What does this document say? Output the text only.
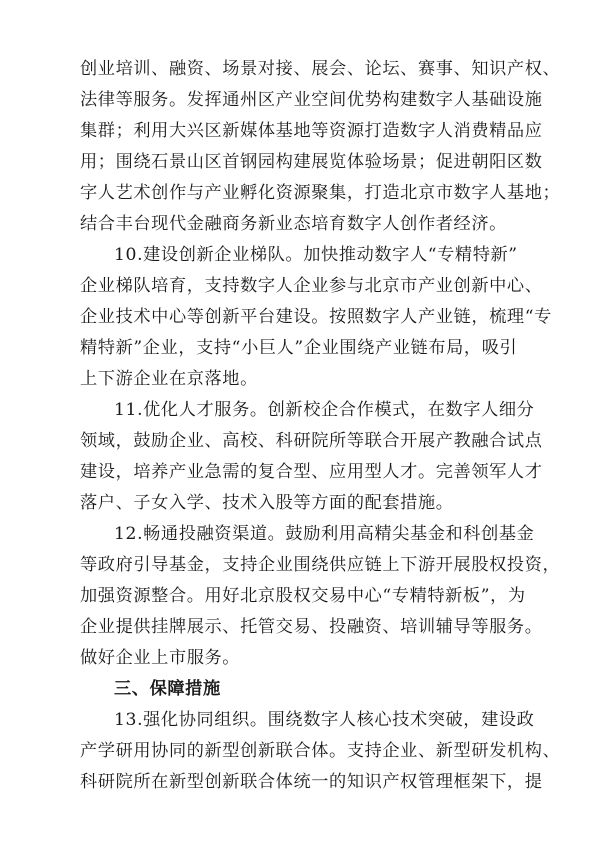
创业培训、融资、场景对接、展会、论坛、赛事、知识产权、
法律等服务。发挥通州区产业空间优势构建数字人基础设施
集群；利用大兴区新媒体基地等资源打造数字人消费精品应
用；围绕石景山区首钢园构建展览体验场景；促进朝阳区数
字人艺术创作与产业孵化资源聚集，打造北京市数字人基地；
结合丰台现代金融商务新业态培育数字人创作者经济。
10.建设创新企业梯队。加快推动数字人“专精特新”
企业梯队培育，支持数字人企业参与北京市产业创新中心、
企业技术中心等创新平台建设。按照数字人产业链，梳理“专
精特新”企业，支持“小巨人”企业围绕产业链布局，吸引
上下游企业在京落地。
11.优化人才服务。创新校企合作模式，在数字人细分
领域，鼓励企业、高校、科研院所等联合开展产教融合试点
建设，培养产业急需的复合型、应用型人才。完善领军人才
落户、子女入学、技术入股等方面的配套措施。
12.畅通投融资渠道。鼓励利用高精尖基金和科创基金
等政府引导基金，支持企业围绕供应链上下游开展股权投资，
加强资源整合。用好北京股权交易中心“专精特新板”，为
企业提供挂牌展示、托管交易、投融资、培训辅导等服务。
做好企业上市服务。
三、保障措施
13.强化协同组织。围绕数字人核心技术突破，建设政
产学研用协同的新型创新联合体。支持企业、新型研发机构、
科研院所在新型创新联合体统一的知识产权管理框架下，提
